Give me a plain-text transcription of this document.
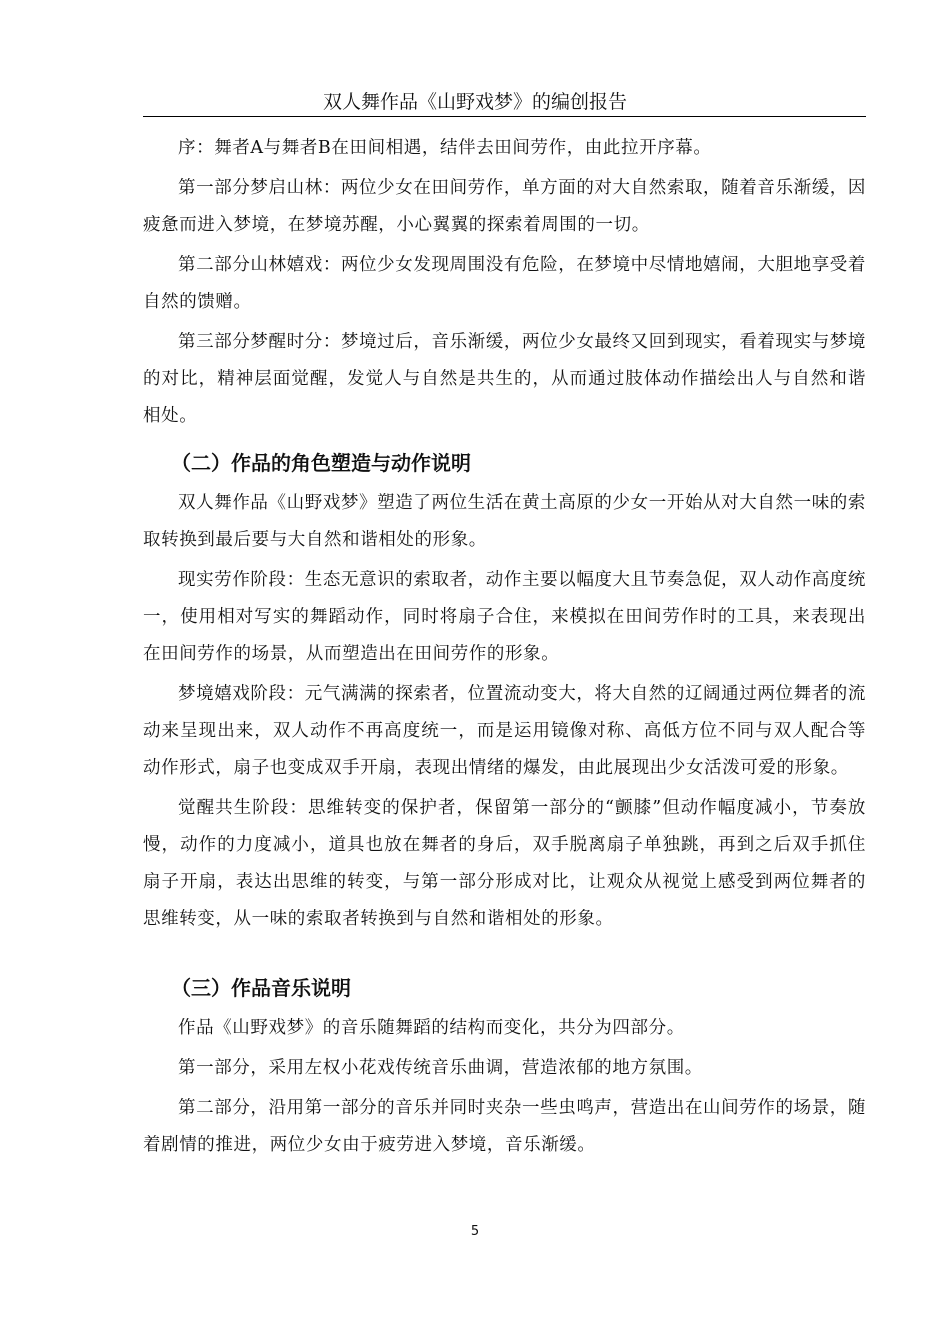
双人舞作品《山野戏梦》的编创报告

序：舞者A与舞者B在田间相遇，结伴去田间劳作，由此拉开序幕。

第一部分梦启山林：两位少女在田间劳作，单方面的对大自然索取，随着音乐渐缓，因疲惫而进入梦境，在梦境苏醒，小心翼翼的探索着周围的一切。

第二部分山林嬉戏：两位少女发现周围没有危险，在梦境中尽情地嬉闹，大胆地享受着自然的馈赠。

第三部分梦醒时分：梦境过后，音乐渐缓，两位少女最终又回到现实，看着现实与梦境的对比，精神层面觉醒，发觉人与自然是共生的，从而通过肢体动作描绘出人与自然和谐相处。

（二）作品的角色塑造与动作说明

双人舞作品《山野戏梦》塑造了两位生活在黄土高原的少女一开始从对大自然一味的索取转换到最后要与大自然和谐相处的形象。

现实劳作阶段：生态无意识的索取者，动作主要以幅度大且节奏急促，双人动作高度统一，使用相对写实的舞蹈动作，同时将扇子合住，来模拟在田间劳作时的工具，来表现出在田间劳作的场景，从而塑造出在田间劳作的形象。

梦境嬉戏阶段：元气满满的探索者，位置流动变大，将大自然的辽阔通过两位舞者的流动来呈现出来，双人动作不再高度统一，而是运用镜像对称、高低方位不同与双人配合等动作形式，扇子也变成双手开扇，表现出情绪的爆发，由此展现出少女活泼可爱的形象。

觉醒共生阶段：思维转变的保护者，保留第一部分的“颤膝”但动作幅度减小，节奏放慢，动作的力度减小，道具也放在舞者的身后，双手脱离扇子单独跳，再到之后双手抓住扇子开扇，表达出思维的转变，与第一部分形成对比，让观众从视觉上感受到两位舞者的思维转变，从一味的索取者转换到与自然和谐相处的形象。

（三）作品音乐说明

作品《山野戏梦》的音乐随舞蹈的结构而变化，共分为四部分。

第一部分，采用左权小花戏传统音乐曲调，营造浓郁的地方氛围。

第二部分，沿用第一部分的音乐并同时夹杂一些虫鸣声，营造出在山间劳作的场景，随着剧情的推进，两位少女由于疲劳进入梦境，音乐渐缓。

5
